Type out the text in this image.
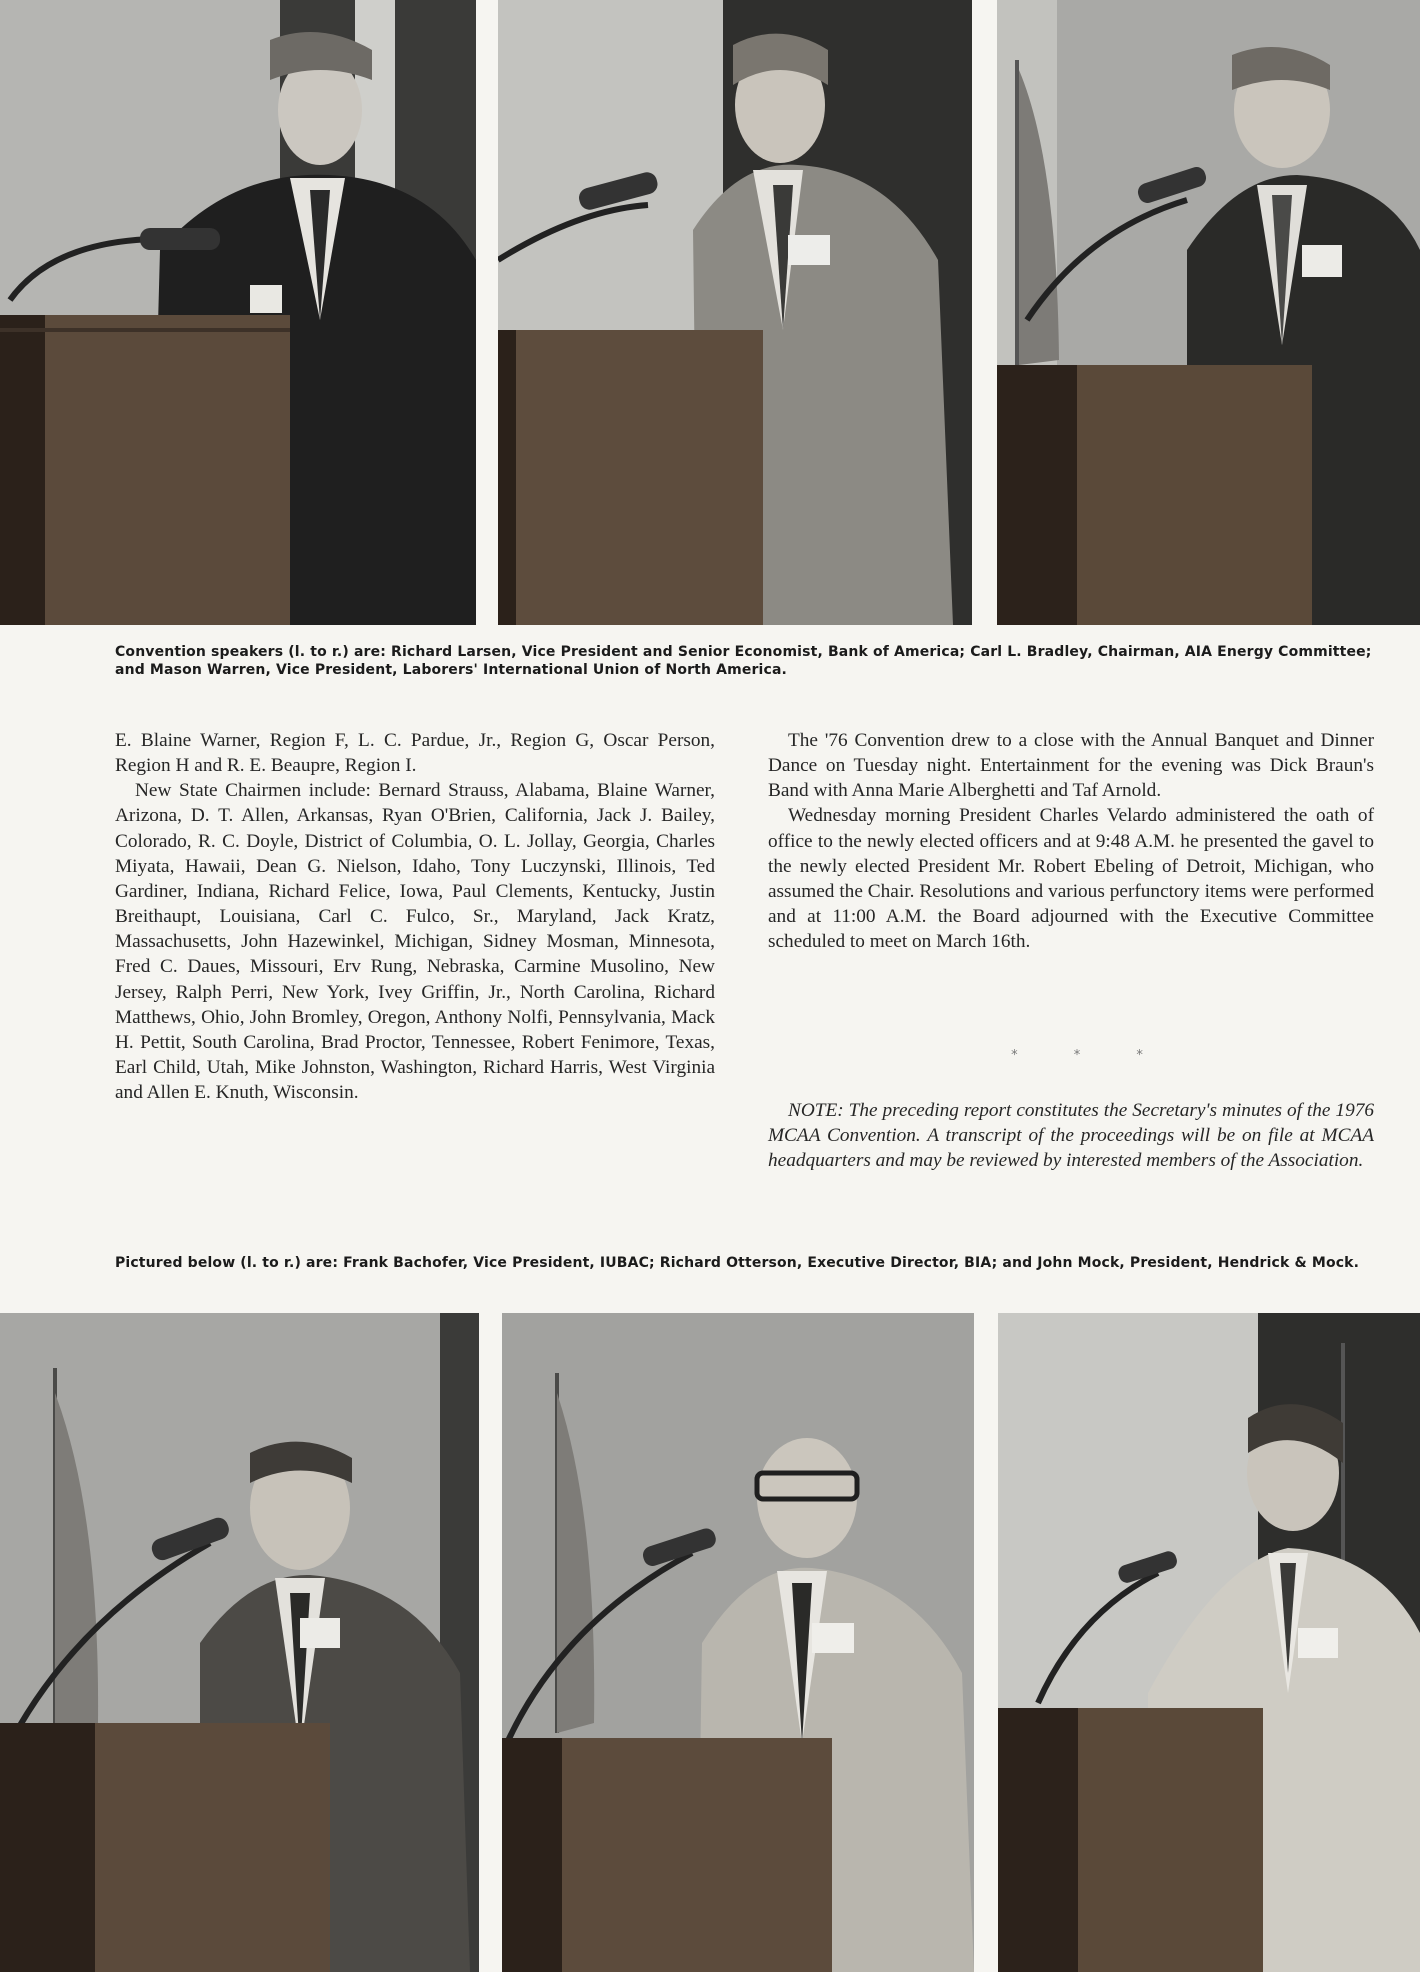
Convention speakers (l. to r.) are: Richard Larsen, Vice President and Senior Economist, Bank of America; Carl L. Bradley, Chairman, AIA Energy Committee; and Mason Warren, Vice President, Laborers' International Union of North America.

E. Blaine Warner, Region F, L. C. Pardue, Jr., Region G, Oscar Person, Region H and R. E. Beaupre, Region I.

New State Chairmen include: Bernard Strauss, Alabama, Blaine Warner, Arizona, D. T. Allen, Arkansas, Ryan O'Brien, California, Jack J. Bailey, Colorado, R. C. Doyle, District of Columbia, O. L. Jollay, Georgia, Charles Miyata, Hawaii, Dean G. Nielson, Idaho, Tony Luczynski, Illinois, Ted Gardiner, Indiana, Richard Felice, Iowa, Paul Clements, Kentucky, Justin Breithaupt, Louisiana, Carl C. Fulco, Sr., Maryland, Jack Kratz, Massachusetts, John Hazewinkel, Michigan, Sidney Mosman, Minnesota, Fred C. Daues, Missouri, Erv Rung, Nebraska, Carmine Musolino, New Jersey, Ralph Perri, New York, Ivey Griffin, Jr., North Carolina, Richard Matthews, Ohio, John Bromley, Oregon, Anthony Nolfi, Pennsylvania, Mack H. Pettit, South Carolina, Brad Proctor, Tennessee, Robert Fenimore, Texas, Earl Child, Utah, Mike Johnston, Washington, Richard Harris, West Virginia and Allen E. Knuth, Wisconsin.

The '76 Convention drew to a close with the Annual Banquet and Dinner Dance on Tuesday night. Entertainment for the evening was Dick Braun's Band with Anna Marie Alberghetti and Taf Arnold.

Wednesday morning President Charles Velardo administered the oath of office to the newly elected officers and at 9:48 A.M. he presented the gavel to the newly elected President Mr. Robert Ebeling of Detroit, Michigan, who assumed the Chair. Resolutions and various perfunctory items were performed and at 11:00 A.M. the Board adjourned with the Executive Committee scheduled to meet on March 16th.

* * *

NOTE: The preceding report constitutes the Secretary's minutes of the 1976 MCAA Convention. A transcript of the proceedings will be on file at MCAA headquarters and may be reviewed by interested members of the Association.

Pictured below (l. to r.) are: Frank Bachofer, Vice President, IUBAC; Richard Otterson, Executive Director, BIA; and John Mock, President, Hendrick & Mock.
